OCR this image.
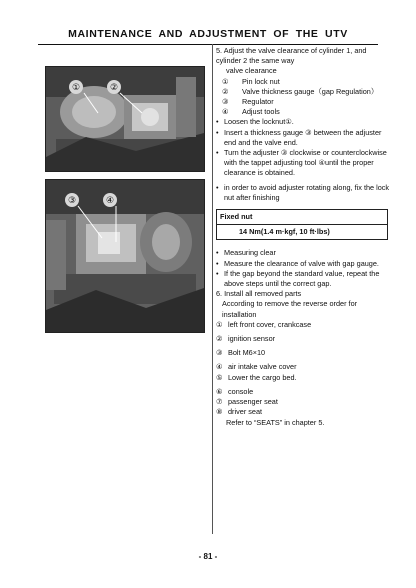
MAINTENANCE AND ADJUSTMENT OF THE UTV
①	②
③	④

5. Adjust the valve clearance of cylinder 1, and

cylinder 2 the same way

valve clearance

①	Pin lock nut
②	Valve thickness gauge（gap Regulation）
③	Regulator
④	Adjust tools
• Loosen the locknut①.
• Insert a thickness gauge ③ between the adjuster end and the valve end.
• Turn the adjuster ③ clockwise or counterclockwise with the tappet adjusting tool ④until the proper clearance is obtained.
• in order to avoid adjuster rotating along, fix the lock nut after finishing
Fixed nut
14 Nm(1.4 m·kgf, 10 ft·lbs)
• Measuring clear
• Measure the clearance of valve with gap gauge.
• If the gap beyond the standard value, repeat the above steps until the correct gap.

6. Install all removed parts

According to remove the reverse order for

installation

① left front cover, crankcase
② ignition sensor
③ Bolt M6×10
④ air intake valve cover
⑤ Lower the cargo bed.
⑥ console
⑦ passenger seat
⑧ driver seat

Refer to “SEATS” in chapter 5.

- 81 -
